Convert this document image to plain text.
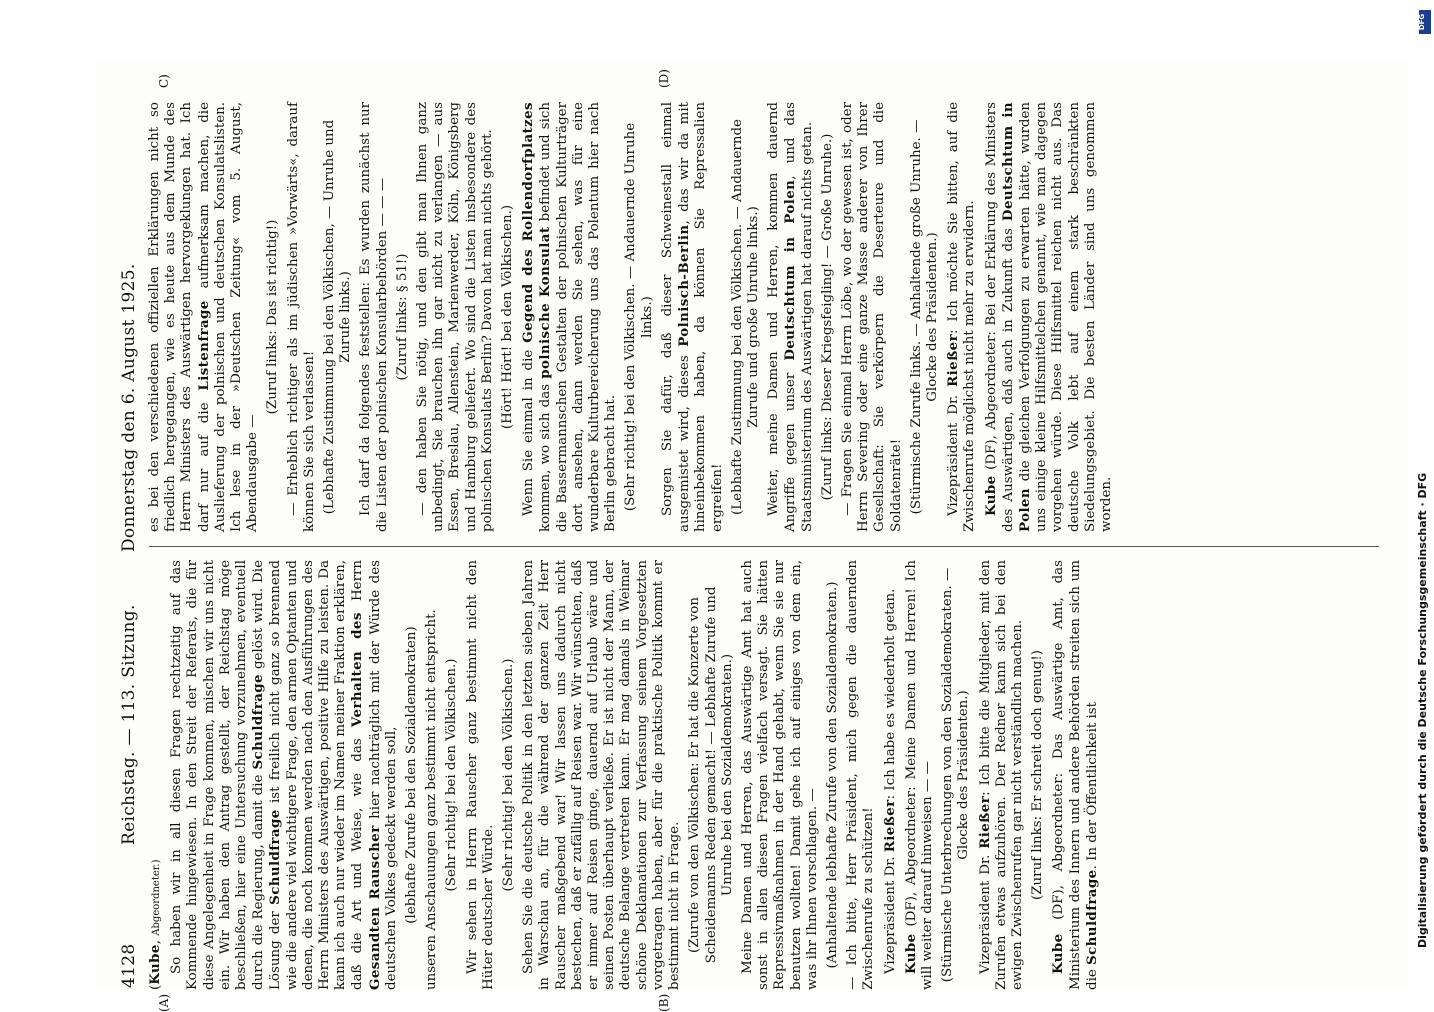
4128
Reichstag. — 113. Sitzung.
Donnerstag den 6. August 1925.
(A)	(B)
C)	(D)

(Kube, Abgeordneter.) So haben wir in all diesen Fragen rechtzeitig auf das Kommende hingewiesen. In den Streit der Referats, die für diese Angelegenheit in Frage kommen, mischen wir uns nicht ein. Wir haben den Antrag gestellt, der Reichstag möge beschließen, hier eine Untersuchung vorzunehmen, eventuell durch die Regierung, damit die Schuldfrage gelöst wird. Die Lösung der Schuldfrage ist freilich nicht ganz so brennend wie die andere viel wichtigere Frage, den armen Optanten und denen, die noch kommen werden nach den Ausführungen des Herrn Ministers des Auswärtigen, positive Hilfe zu leisten. Da kann ich auch nur wieder im Namen meiner Fraktion erklären, daß die Art und Weise, wie das Verhalten des Herrn Gesandten Rauscher hier nachträglich mit der Würde des deutschen Volkes gedeckt werden soll, (lebhafte Zurufe bei den Sozialdemokraten) unseren Anschauungen ganz bestimmt nicht entspricht. (Sehr richtig! bei den Völkischen.) Wir sehen in Herrn Rauscher ganz bestimmt nicht den Hüter deutscher Würde.

(Sehr richtig! bei den Völkischen.) Sehen Sie die deutsche Politik in den letzten sieben Jahren in Warschau an, für die während der ganzen Zeit Herr Rauscher maßgebend war! Wir lassen uns dadurch nicht bestechen, daß er zufällig auf Reisen war. Wir wünschten, daß er immer auf Reisen ginge, dauernd auf Urlaub wäre und seinen Posten überhaupt verließe. Er ist nicht der Mann, der deutsche Belange vertreten kann. Er mag damals in Weimar schöne Deklamationen zur Verfassung seinem Vorgesetzten vorgetragen haben, aber für die praktische Politik kommt er bestimmt nicht in Frage. (Zurufe von den Völkischen: Er hat die Konzerte von Scheidemanns Reden gemacht! — Lebhafte Zurufe und Unruhe bei den Sozialdemokraten.) Meine Damen und Herren, das Auswärtige Amt hat auch sonst in allen diesen Fragen vielfach versagt. Sie hätten Repressivmaßnahmen in der Hand gehabt, wenn Sie sie nur benutzen wollten! Damit gehe ich auf einiges von dem ein, was ihr Ihnen vorschlagen. — (Anhaltende lebhafte Zurufe von den Sozialdemokraten.) — Ich bitte, Herr Präsident, mich gegen die dauernden Zwischenrufe zu schützen! Vizepräsident Dr. Rießer: Ich habe es wiederholt getan.

Kube (DF), Abgeordneter: Meine Damen und Herren! Ich will weiter darauf hinweisen — — (Stürmische Unterbrechungen von den Sozialdemokraten. — Glocke des Präsidenten.)

Vizepräsident Dr. Rießer: Ich bitte die Mitglieder, mit den Zurufen etwas aufzuhören. Der Redner kann sich bei den ewigen Zwischenrufen gar nicht verständlich machen. (Zuruf links: Er schreit doch genug!)

Kube (DF), Abgeordneter: Das Auswärtige Amt, das Ministerium des Innern und andere Behörden streiten sich um die Schuldfrage. In der Öffentlichkeit ist

es bei den verschiedenen offiziellen Erklärungen nicht so friedlich hergegangen, wie es heute aus dem Munde des Herrn Ministers des Auswärtigen hervorgeklungen hat. Ich darf nur auf die Listenfrage aufmerksam machen, die Auslieferung der polnischen und deutschen Konsulatslisten. Ich lese in der »Deutschen Zeitung« vom 5. August, Abendausgabe —

(Zuruf links: Das ist richtig!) — Erheblich richtiger als im jüdischen »Vorwärts«, darauf können Sie sich verlassen! (Lebhafte Zustimmung bei den Völkischen, — Unruhe und Zurufe links.) Ich darf da folgendes feststellen: Es wurden zunächst nur die Listen der polnischen Konsularbehörden — — — (Zuruf links: § 51!) — den haben Sie nötig, und den gibt man Ihnen ganz unbedingt, Sie brauchen ihn gar nicht zu verlangen — aus Essen, Breslau, Allenstein, Marienwerder, Köln, Königsberg und Hamburg geliefert. Wo sind die Listen insbesondere des polnischen Konsulats Berlin? Davon hat man nichts gehört. (Hört! Hört! bei den Völkischen.)

Wenn Sie einmal in die Gegend des Rollendorfplatzes kommen, wo sich das polnische Konsulat befindet und sich die Bassermannschen Gestalten der polnischen Kulturträger dort ansehen, dann werden Sie sehen, was für eine wunderbare Kulturbereicherung uns das Polentum hier nach Berlin gebracht hat. (Sehr richtig! bei den Völkischen. — Andauernde Unruhe links.) Sorgen Sie dafür, daß dieser Schweinestall einmal ausgemistet wird, dieses Polnisch-Berlin, das wir da mit hineinbekommen haben, da können Sie Repressalien ergreifen! (Lebhafte Zustimmung bei den Völkischen. — Andauernde Zurufe und große Unruhe links.) Weiter, meine Damen und Herren, kommen dauernd Angriffe gegen unser Deutschtum in Polen, und das Staatsministerium des Auswärtigen hat darauf nichts getan. (Zuruf links: Dieser Kriegsfeigling! — Große Unruhe.) — Fragen Sie einmal Herrn Löbe, wo der gewesen ist, oder Herrn Severing oder eine ganze Masse anderer von Ihrer Gesellschaft: Sie verkörpern die Deserteure und die Soldatenräte! (Stürmische Zurufe links. — Anhaltende große Unruhe. — Glocke des Präsidenten.)

Vizepräsident Dr. Rießer: Ich möchte Sie bitten, auf die Zwischenrufe möglichst nicht mehr zu erwidern. Kube (DF), Abgeordneter: Bei der Erklärung des Ministers des Auswärtigen, daß auch in Zukunft das Deutschtum in Polen die gleichen Verfolgungen zu erwarten hätte, wurden uns einige kleine Hilfsmittelchen genannt, wie man dagegen vorgehen würde. Diese Hilfsmittel reichen nicht aus. Das deutsche Volk lebt auf einem stark beschränkten Siedelungsgebiet. Die besten Länder sind uns genommen worden.

DFG
Digitalisierung gefördert durch die Deutsche Forschungsgemeinschaft · DFG
